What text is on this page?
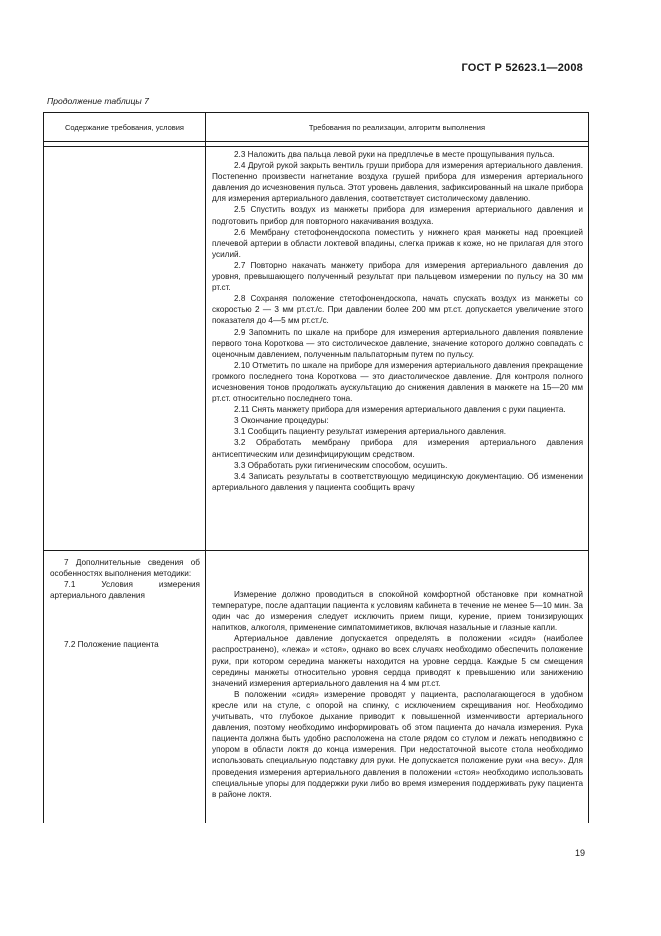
ГОСТ Р 52623.1—2008
Продолжение таблицы 7
Содержание требования, условия	Требования по реализации, алгоритм выполнения

2.3 Наложить два пальца левой руки на предплечье в месте прощупывания пульса.

2.4 Другой рукой закрыть вентиль груши прибора для измерения артериального давления. Постепенно произвести нагнетание воздуха грушей прибора для измерения артериального давления до исчезновения пульса. Этот уровень давления, зафиксированный на шкале прибора для измерения артериального давления, соответствует систолическому давлению.

2.5 Спустить воздух из манжеты прибора для измерения артериального давления и подготовить прибор для повторного накачивания воздуха.

2.6 Мембрану стетофонендоскопа поместить у нижнего края манжеты над проекцией плечевой артерии в области локтевой впадины, слегка прижав к коже, но не прилагая для этого усилий.

2.7 Повторно накачать манжету прибора для измерения артериального давления до уровня, превышающего полученный результат при пальцевом измерении по пульсу на 30 мм рт.ст.

2.8 Сохраняя положение стетофонендоскопа, начать спускать воздух из манжеты со скоростью 2 — 3 мм рт.ст./с. При давлении более 200 мм рт.ст. допускается увеличение этого показателя до 4—5 мм рт.ст./с.

2.9 Запомнить по шкале на приборе для измерения артериального давления появление первого тона Короткова — это систолическое давление, значение которого должно совпадать с оценочным давлением, полученным пальпаторным путем по пульсу.

2.10 Отметить по шкале на приборе для измерения артериального давления прекращение громкого последнего тона Короткова — это диастолическое давление. Для контроля полного исчезновения тонов продолжать аускультацию до снижения давления в манжете на 15—20 мм рт.ст. относительно последнего тона.

2.11 Снять манжету прибора для измерения артериального давления с руки пациента.

3 Окончание процедуры:

3.1 Сообщить пациенту результат измерения артериального давления.

3.2 Обработать мембрану прибора для измерения артериального давления антисептическим или дезинфицирующим средством.

3.3 Обработать руки гигиеническим способом, осушить.

3.4 Записать результаты в соответствующую медицинскую документацию. Об изменении артериального давления у пациента сообщить врачу

7 Дополнительные сведения об особенностях выполнения методики:

7.1 Условия измерения артериального давления

7.2 Положение пациента

Измерение должно проводиться в спокойной комфортной обстановке при комнатной температуре, после адаптации пациента к условиям кабинета в течение не менее 5—10 мин. За один час до измерения следует исключить прием пищи, курение, прием тонизирующих напитков, алкоголя, применение симпатомиметиков, включая назальные и глазные капли.

Артериальное давление допускается определять в положении «сидя» (наиболее распространено), «лежа» и «стоя», однако во всех случаях необходимо обеспечить положение руки, при котором середина манжеты находится на уровне сердца. Каждые 5 см смещения середины манжеты относительно уровня сердца приводят к превышению или занижению значений измерения артериального давления на 4 мм рт.ст.

В положении «сидя» измерение проводят у пациента, располагающегося в удобном кресле или на стуле, с опорой на спинку, с исключением скрещивания ног. Необходимо учитывать, что глубокое дыхание приводит к повышенной изменчивости артериального давления, поэтому необходимо информировать об этом пациента до начала измерения. Рука пациента должна быть удобно расположена на столе рядом со стулом и лежать неподвижно с упором в области локтя до конца измерения. При недостаточной высоте стола необходимо использовать специальную подставку для руки. Не допускается положение руки «на весу». Для проведения измерения артериального давления в положении «стоя» необходимо использовать специальные упоры для поддержки руки либо во время измерения поддерживать руку пациента в районе локтя.

19
